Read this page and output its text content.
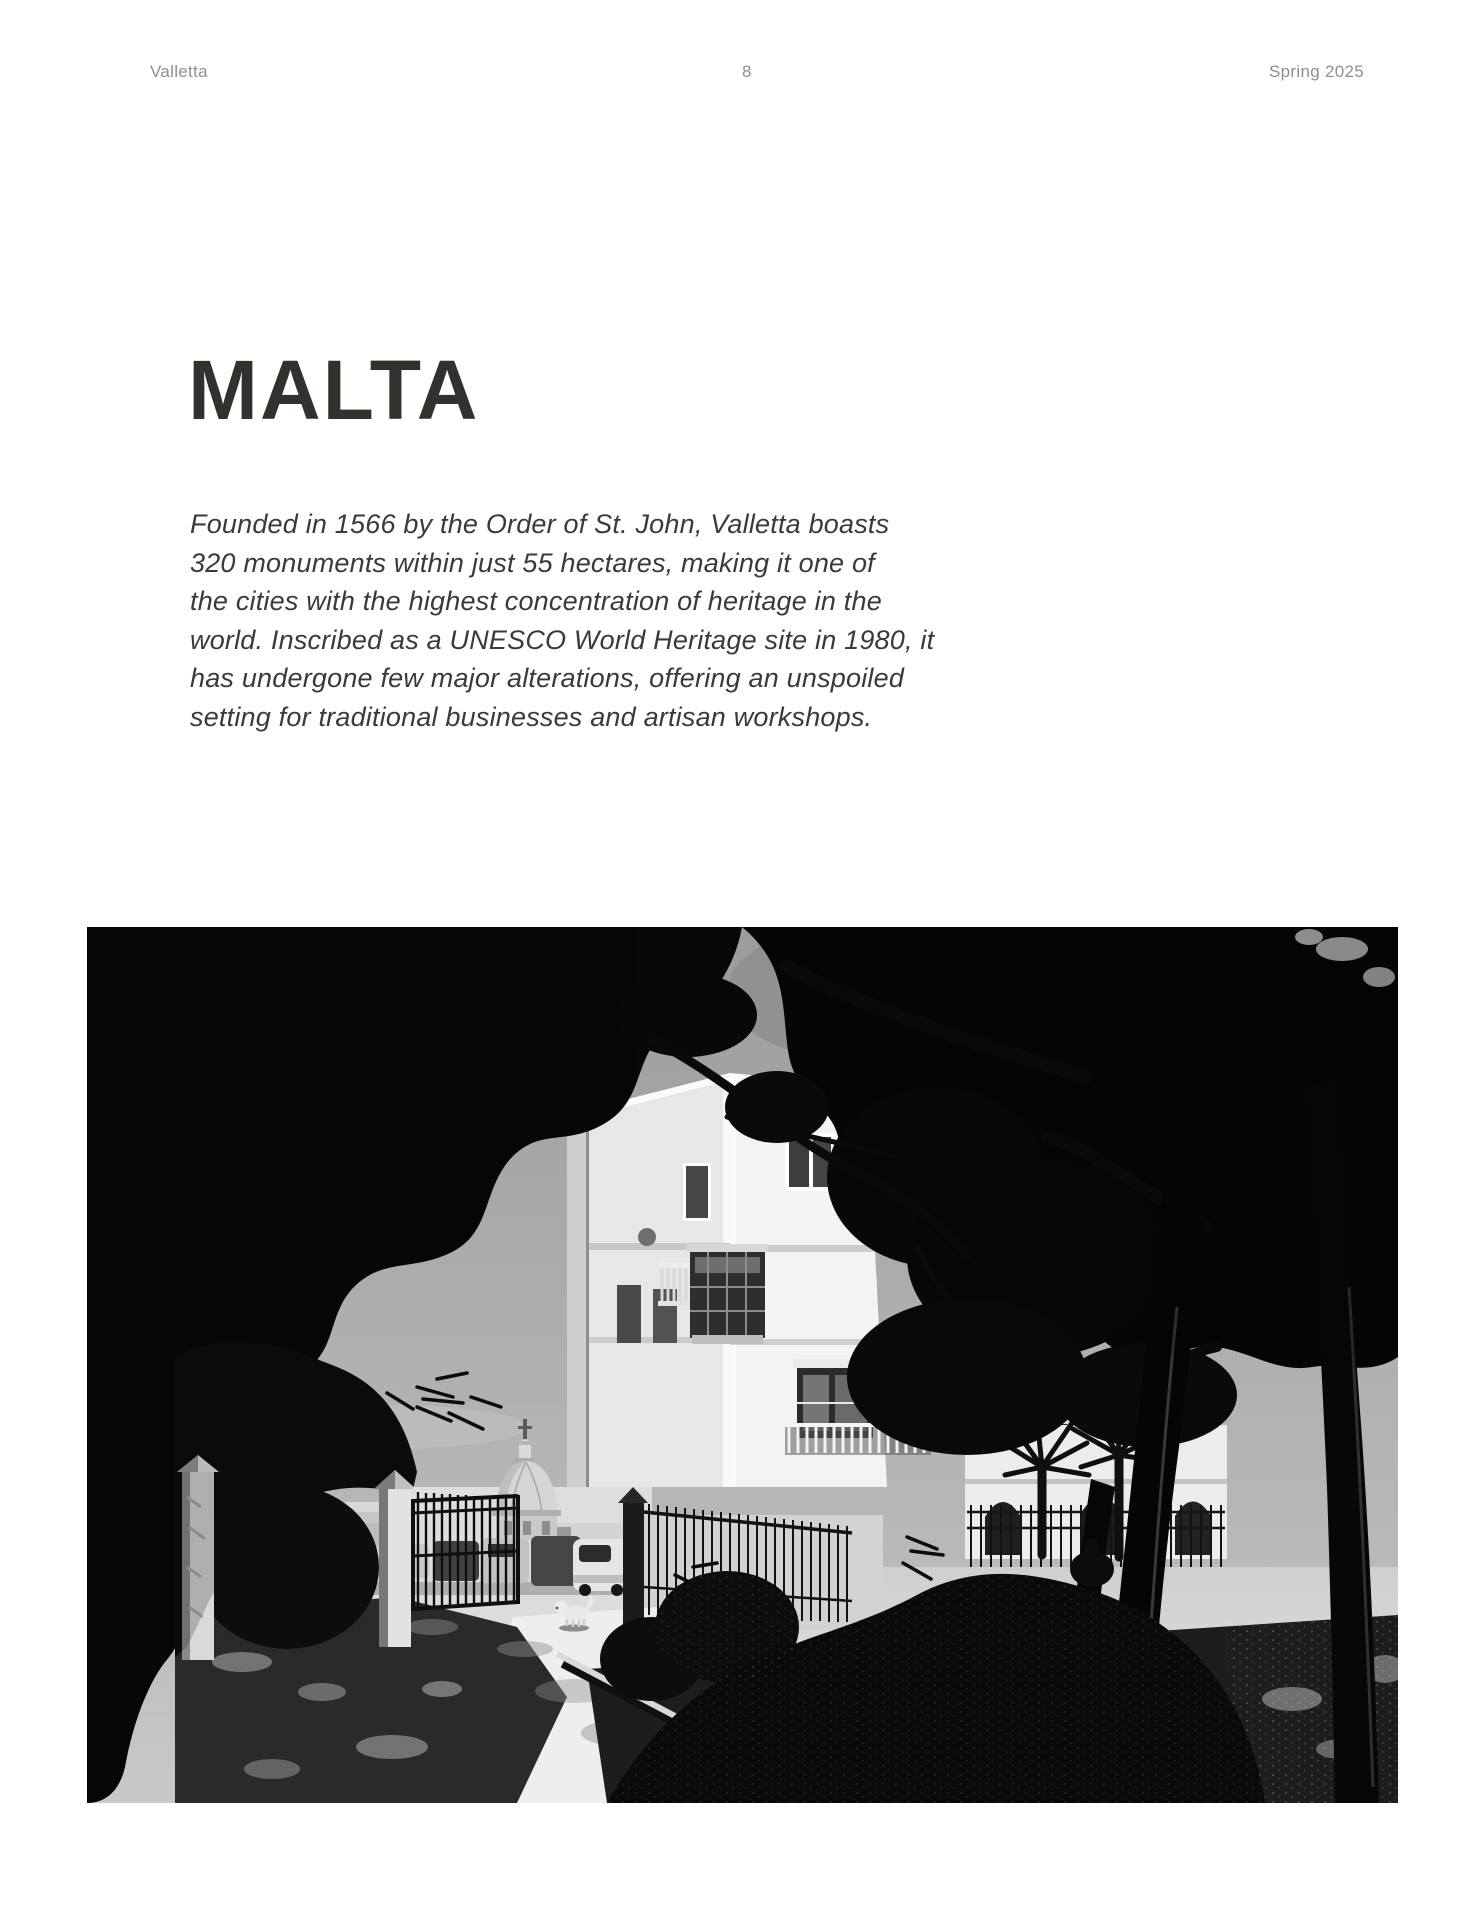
Valletta	8	Spring 2025
MALTA

Founded in 1566 by the Order of St. John, Valletta boasts
320 monuments within just 55 hectares, making it one of
the cities with the highest concentration of heritage in the
world. Inscribed as a UNESCO World Heritage site in 1980, it
has undergone few major alterations, offering an unspoiled
setting for traditional businesses and artisan workshops.
